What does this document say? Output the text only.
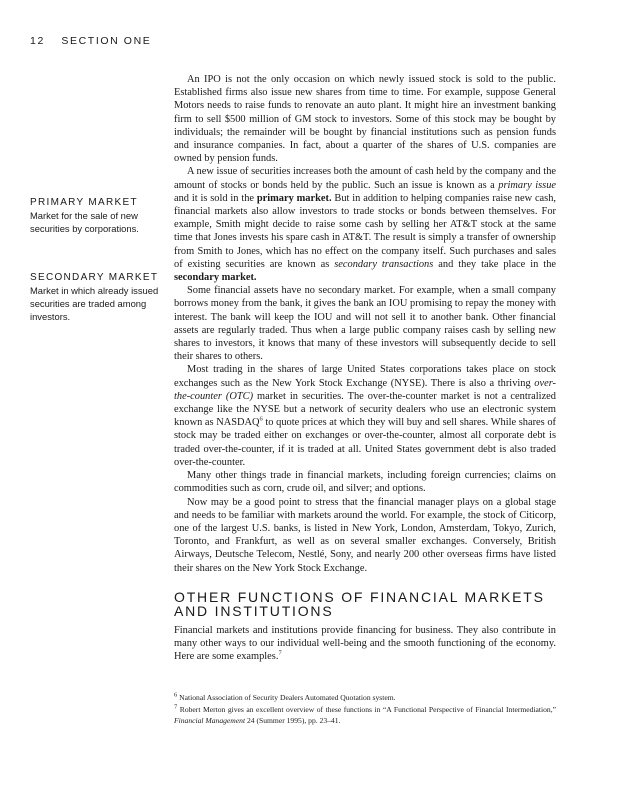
12 SECTION ONE
PRIMARY MARKET
Market for the sale of new securities by corporations.
SECONDARY MARKET
Market in which already issued securities are traded among investors.

An IPO is not the only occasion on which newly issued stock is sold to the public. Established firms also issue new shares from time to time. For example, suppose General Motors needs to raise funds to renovate an auto plant. It might hire an investment banking firm to sell $500 million of GM stock to investors. Some of this stock may be bought by individuals; the remainder will be bought by financial institutions such as pension funds and insurance companies. In fact, about a quarter of the shares of U.S. companies are owned by pension funds.

A new issue of securities increases both the amount of cash held by the company and the amount of stocks or bonds held by the public. Such an issue is known as a primary issue and it is sold in the primary market. But in addition to helping companies raise new cash, financial markets also allow investors to trade stocks or bonds between themselves. For example, Smith might decide to raise some cash by selling her AT&T stock at the same time that Jones invests his spare cash in AT&T. The result is simply a transfer of ownership from Smith to Jones, which has no effect on the company itself. Such purchases and sales of existing securities are known as secondary transactions and they take place in the secondary market.

Some financial assets have no secondary market. For example, when a small company borrows money from the bank, it gives the bank an IOU promising to repay the money with interest. The bank will keep the IOU and will not sell it to another bank. Other financial assets are regularly traded. Thus when a large public company raises cash by selling new shares to investors, it knows that many of these investors will subsequently decide to sell their shares to others.

Most trading in the shares of large United States corporations takes place on stock exchanges such as the New York Stock Exchange (NYSE). There is also a thriving over-the-counter (OTC) market in securities. The over-the-counter market is not a centralized exchange like the NYSE but a network of security dealers who use an electronic system known as NASDAQ$^6$ to quote prices at which they will buy and sell shares. While shares of stock may be traded either on exchanges or over-the-counter, almost all corporate debt is traded over-the-counter, if it is traded at all. United States government debt is also traded over-the-counter.

Many other things trade in financial markets, including foreign currencies; claims on commodities such as corn, crude oil, and silver; and options.

Now may be a good point to stress that the financial manager plays on a global stage and needs to be familiar with markets around the world. For example, the stock of Citicorp, one of the largest U.S. banks, is listed in New York, London, Amsterdam, Tokyo, Zurich, Toronto, and Frankfurt, as well as on several smaller exchanges. Conversely, British Airways, Deutsche Telecom, Nestlé, Sony, and nearly 200 other overseas firms have listed their shares on the New York Stock Exchange.

OTHER FUNCTIONS OF FINANCIAL MARKETS AND INSTITUTIONS

Financial markets and institutions provide financing for business. They also contribute in many other ways to our individual well-being and the smooth functioning of the economy. Here are some examples.$^7$

$^6$ National Association of Security Dealers Automated Quotation system.

$^7$ Robert Merton gives an excellent overview of these functions in “A Functional Perspective of Financial Intermediation,” Financial Management 24 (Summer 1995), pp. 23–41.
